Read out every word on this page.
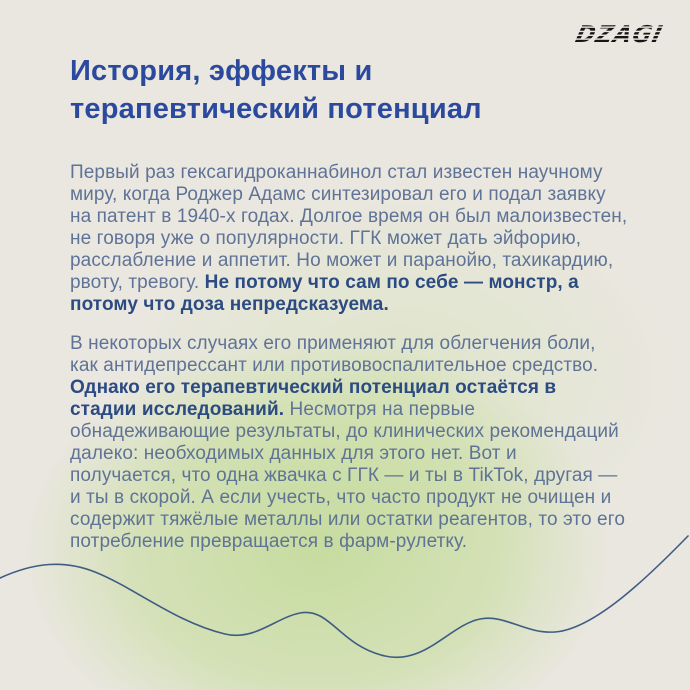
DZAGI
История, эффекты и терапевтический потенциал

Первый раз гексагидроканнабинол стал известен научному миру, когда Роджер Адамс синтезировал его и подал заявку на патент в 1940-х годах. Долгое время он был малоизвестен, не говоря уже о популярности. ГГК может дать эйфорию, расслабление и аппетит. Но может и паранойю, тахикардию, рвоту, тревогу. Не потому что сам по себе — монстр, а потому что доза непредсказуема.

В некоторых случаях его применяют для облегчения боли, как антидепрессант или противовоспалительное средство. Однако его терапевтический потенциал остаётся в стадии исследований. Несмотря на первые обнадеживающие результаты, до клинических рекомендаций далеко: необходимых данных для этого нет. Вот и получается, что одна жвачка с ГГК — и ты в TikTok, другая — и ты в скорой. А если учесть, что часто продукт не очищен и содержит тяжёлые металлы или остатки реагентов, то это его потребление превращается в фарм-рулетку.
